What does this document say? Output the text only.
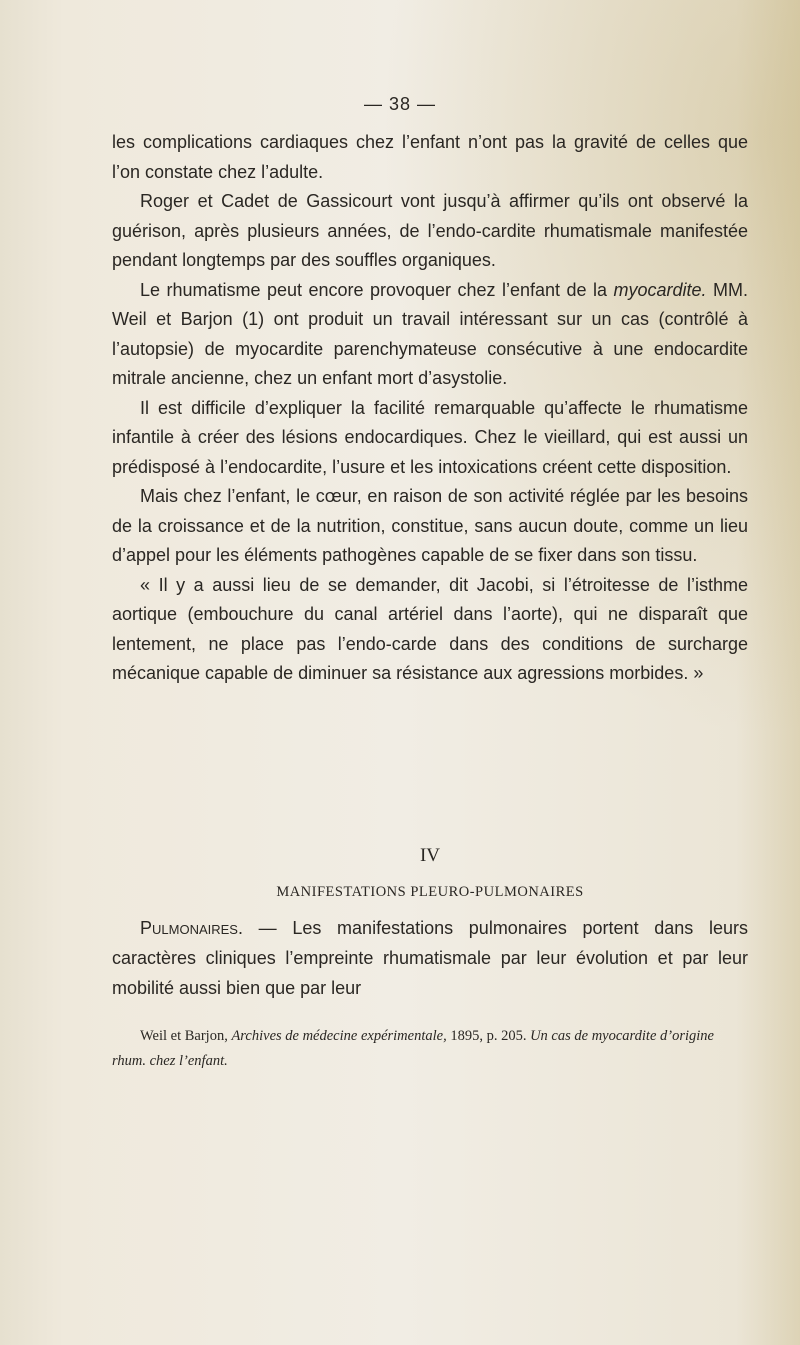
— 38 —

les complications cardiaques chez l’enfant n’ont pas la gravité de celles que l’on constate chez l’adulte.

Roger et Cadet de Gassicourt vont jusqu’à affirmer qu’ils ont observé la guérison, après plusieurs années, de l’endo-cardite rhumatismale manifestée pendant longtemps par des souffles organiques.

Le rhumatisme peut encore provoquer chez l’enfant de la myocardite. MM. Weil et Barjon (1) ont produit un travail intéressant sur un cas (contrôlé à l’autopsie) de myocardite parenchymateuse consécutive à une endocardite mitrale ancienne, chez un enfant mort d’asystolie.

Il est difficile d’expliquer la facilité remarquable qu’affecte le rhumatisme infantile à créer des lésions endocardiques. Chez le vieillard, qui est aussi un prédisposé à l’endocardite, l’usure et les intoxications créent cette disposition.

Mais chez l’enfant, le cœur, en raison de son activité réglée par les besoins de la croissance et de la nutrition, constitue, sans aucun doute, comme un lieu d’appel pour les éléments pathogènes capable de se fixer dans son tissu.

« Il y a aussi lieu de se demander, dit Jacobi, si l’étroitesse de l’isthme aortique (embouchure du canal artériel dans l’aorte), qui ne disparaît que lentement, ne place pas l’endo-carde dans des conditions de surcharge mécanique capable de diminuer sa résistance aux agressions morbides. »

IV
MANIFESTATIONS PLEURO-PULMONAIRES

Pulmonaires. — Les manifestations pulmonaires portent dans leurs caractères cliniques l’empreinte rhumatismale par leur évolution et par leur mobilité aussi bien que par leur

Weil et Barjon, Archives de médecine expérimentale, 1895, p. 205. Un cas de myocardite d’origine rhum. chez l’enfant.
